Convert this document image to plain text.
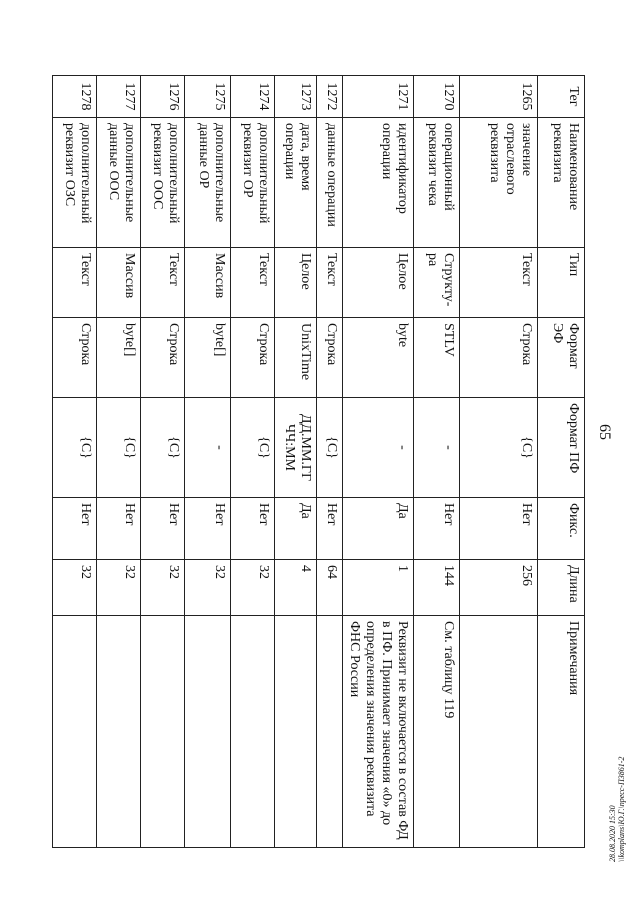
65
Тег	Наименование реквизита	Тип	Формат ЭФ	Формат ПФ	Фикс.	Длина	Примечания
1265	значение отраслевого реквизита	Текст	Строка	{C}	Нет	256	
1270	операционный реквизит чека	Структу-ра	STLV	-	Нет	144	См. таблицу 119
1271	идентификатор операции	Целое	byte	-	Да	1	Реквизит не включается в состав ФД в ПФ. Принимает значения «0» до определения значения реквизита ФНС России
1272	данные операции	Текст	Строка	{C}	Нет	64	
1273	дата, время операции	Целое	UnixTime	ДД.ММ.ГГ ЧЧ:ММ	Да	4	
1274	дополнительный реквизит ОР	Текст	Строка	{C}	Нет	32	
1275	дополнительные данные ОР	Массив	byte[]	-	Нет	32	
1276	дополнительный реквизит ООС	Текст	Строка	{C}	Нет	32	
1277	дополнительные данные ООС	Массив	byte[]	{C}	Нет	32	
1278	дополнительный реквизит ОЗС	Текст	Строка	{C}	Нет	32	
28.08.2020 15:30 \\komplans\Ю.Г.\пресс-П3861-2
